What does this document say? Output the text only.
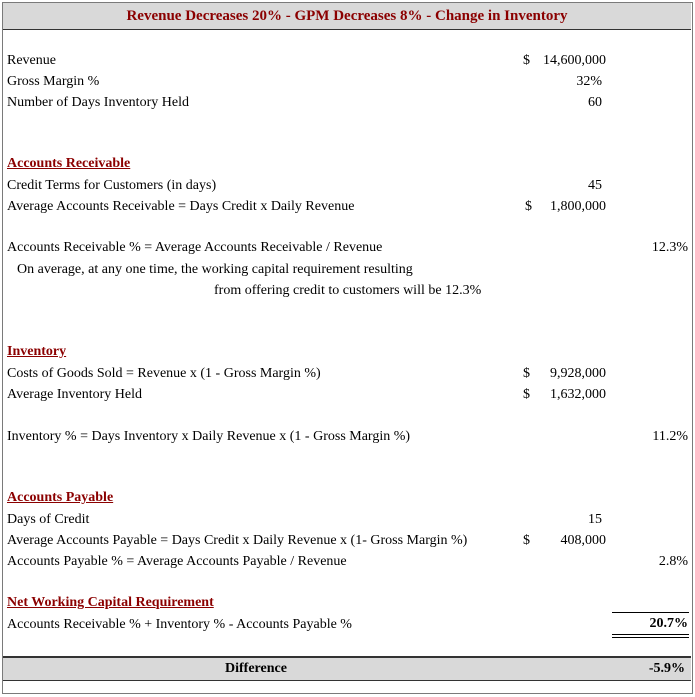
Revenue Decreases 20% - GPM Decreases 8% - Change in Inventory
Revenue	$ 14,600,000
Gross Margin %	32%
Number of Days Inventory Held	60
Accounts Receivable
Credit Terms for Customers (in days)	45
Average Accounts Receivable = Days Credit x Daily Revenue	$ 1,800,000
Accounts Receivable % = Average Accounts Receivable / Revenue	12.3%
On average, at any one time, the working capital requirement resulting
from offering credit to customers will be 12.3%
Inventory
Costs of Goods Sold = Revenue x (1 - Gross Margin %)	$ 9,928,000
Average Inventory Held	$ 1,632,000
Inventory % = Days Inventory x Daily Revenue x (1 - Gross Margin %)	11.2%
Accounts Payable
Days of Credit	15
Average Accounts Payable = Days Credit x Daily Revenue x (1- Gross Margin %)	$ 408,000
Accounts Payable % = Average Accounts Payable / Revenue	2.8%
Net Working Capital Requirement
Accounts Receivable % + Inventory % - Accounts Payable %	20.7%
Difference	-5.9%
